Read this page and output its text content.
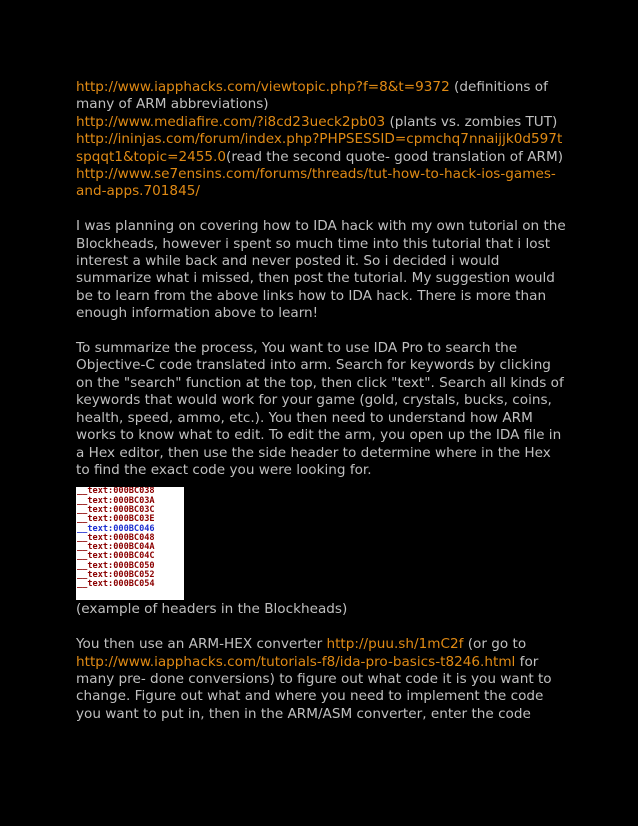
http://www.iapphacks.com/viewtopic.php?f=8&t=9372 (definitions of many of ARM abbreviations)
http://www.mediafire.com/?i8cd23ueck2pb03 (plants vs. zombies TUT)
http://ininjas.com/forum/index.php?PHPSESSID=cpmchq7nnaijjk0d597tspqqt1&topic=2455.0(read the second quote- good translation of ARM)
http://www.se7ensins.com/forums/threads/tut-how-to-hack-ios-games-and-apps.701845/

I was planning on covering how to IDA hack with my own tutorial on the Blockheads, however i spent so much time into this tutorial that i lost interest a while back and never posted it. So i decided i would summarize what i missed, then post the tutorial. My suggestion would be to learn from the above links how to IDA hack. There is more than enough information above to learn!

To summarize the process, You want to use IDA Pro to search the Objective-C code translated into arm. Search for keywords by clicking on the "search" function at the top, then click "text". Search all kinds of keywords that would work for your game (gold, crystals, bucks, coins, health, speed, ammo, etc.). You then need to understand how ARM works to know what to edit. To edit the arm, you open up the IDA file in a Hex editor, then use the side header to determine where in the Hex to find the exact code you were looking for.

__text:000BC038
__text:000BC03A
__text:000BC03C
__text:000BC03E
__text:000BC046
__text:000BC048
__text:000BC04A
__text:000BC04C
__text:000BC050
__text:000BC052
__text:000BC054

(example of headers in the Blockheads)

You then use an ARM-HEX converter http://puu.sh/1mC2f (or go to http://www.iapphacks.com/tutorials-f8/ida-pro-basics-t8246.html for many pre- done conversions) to figure out what code it is you want to change. Figure out what and where you need to implement the code you want to put in, then in the ARM/ASM converter, enter the code
